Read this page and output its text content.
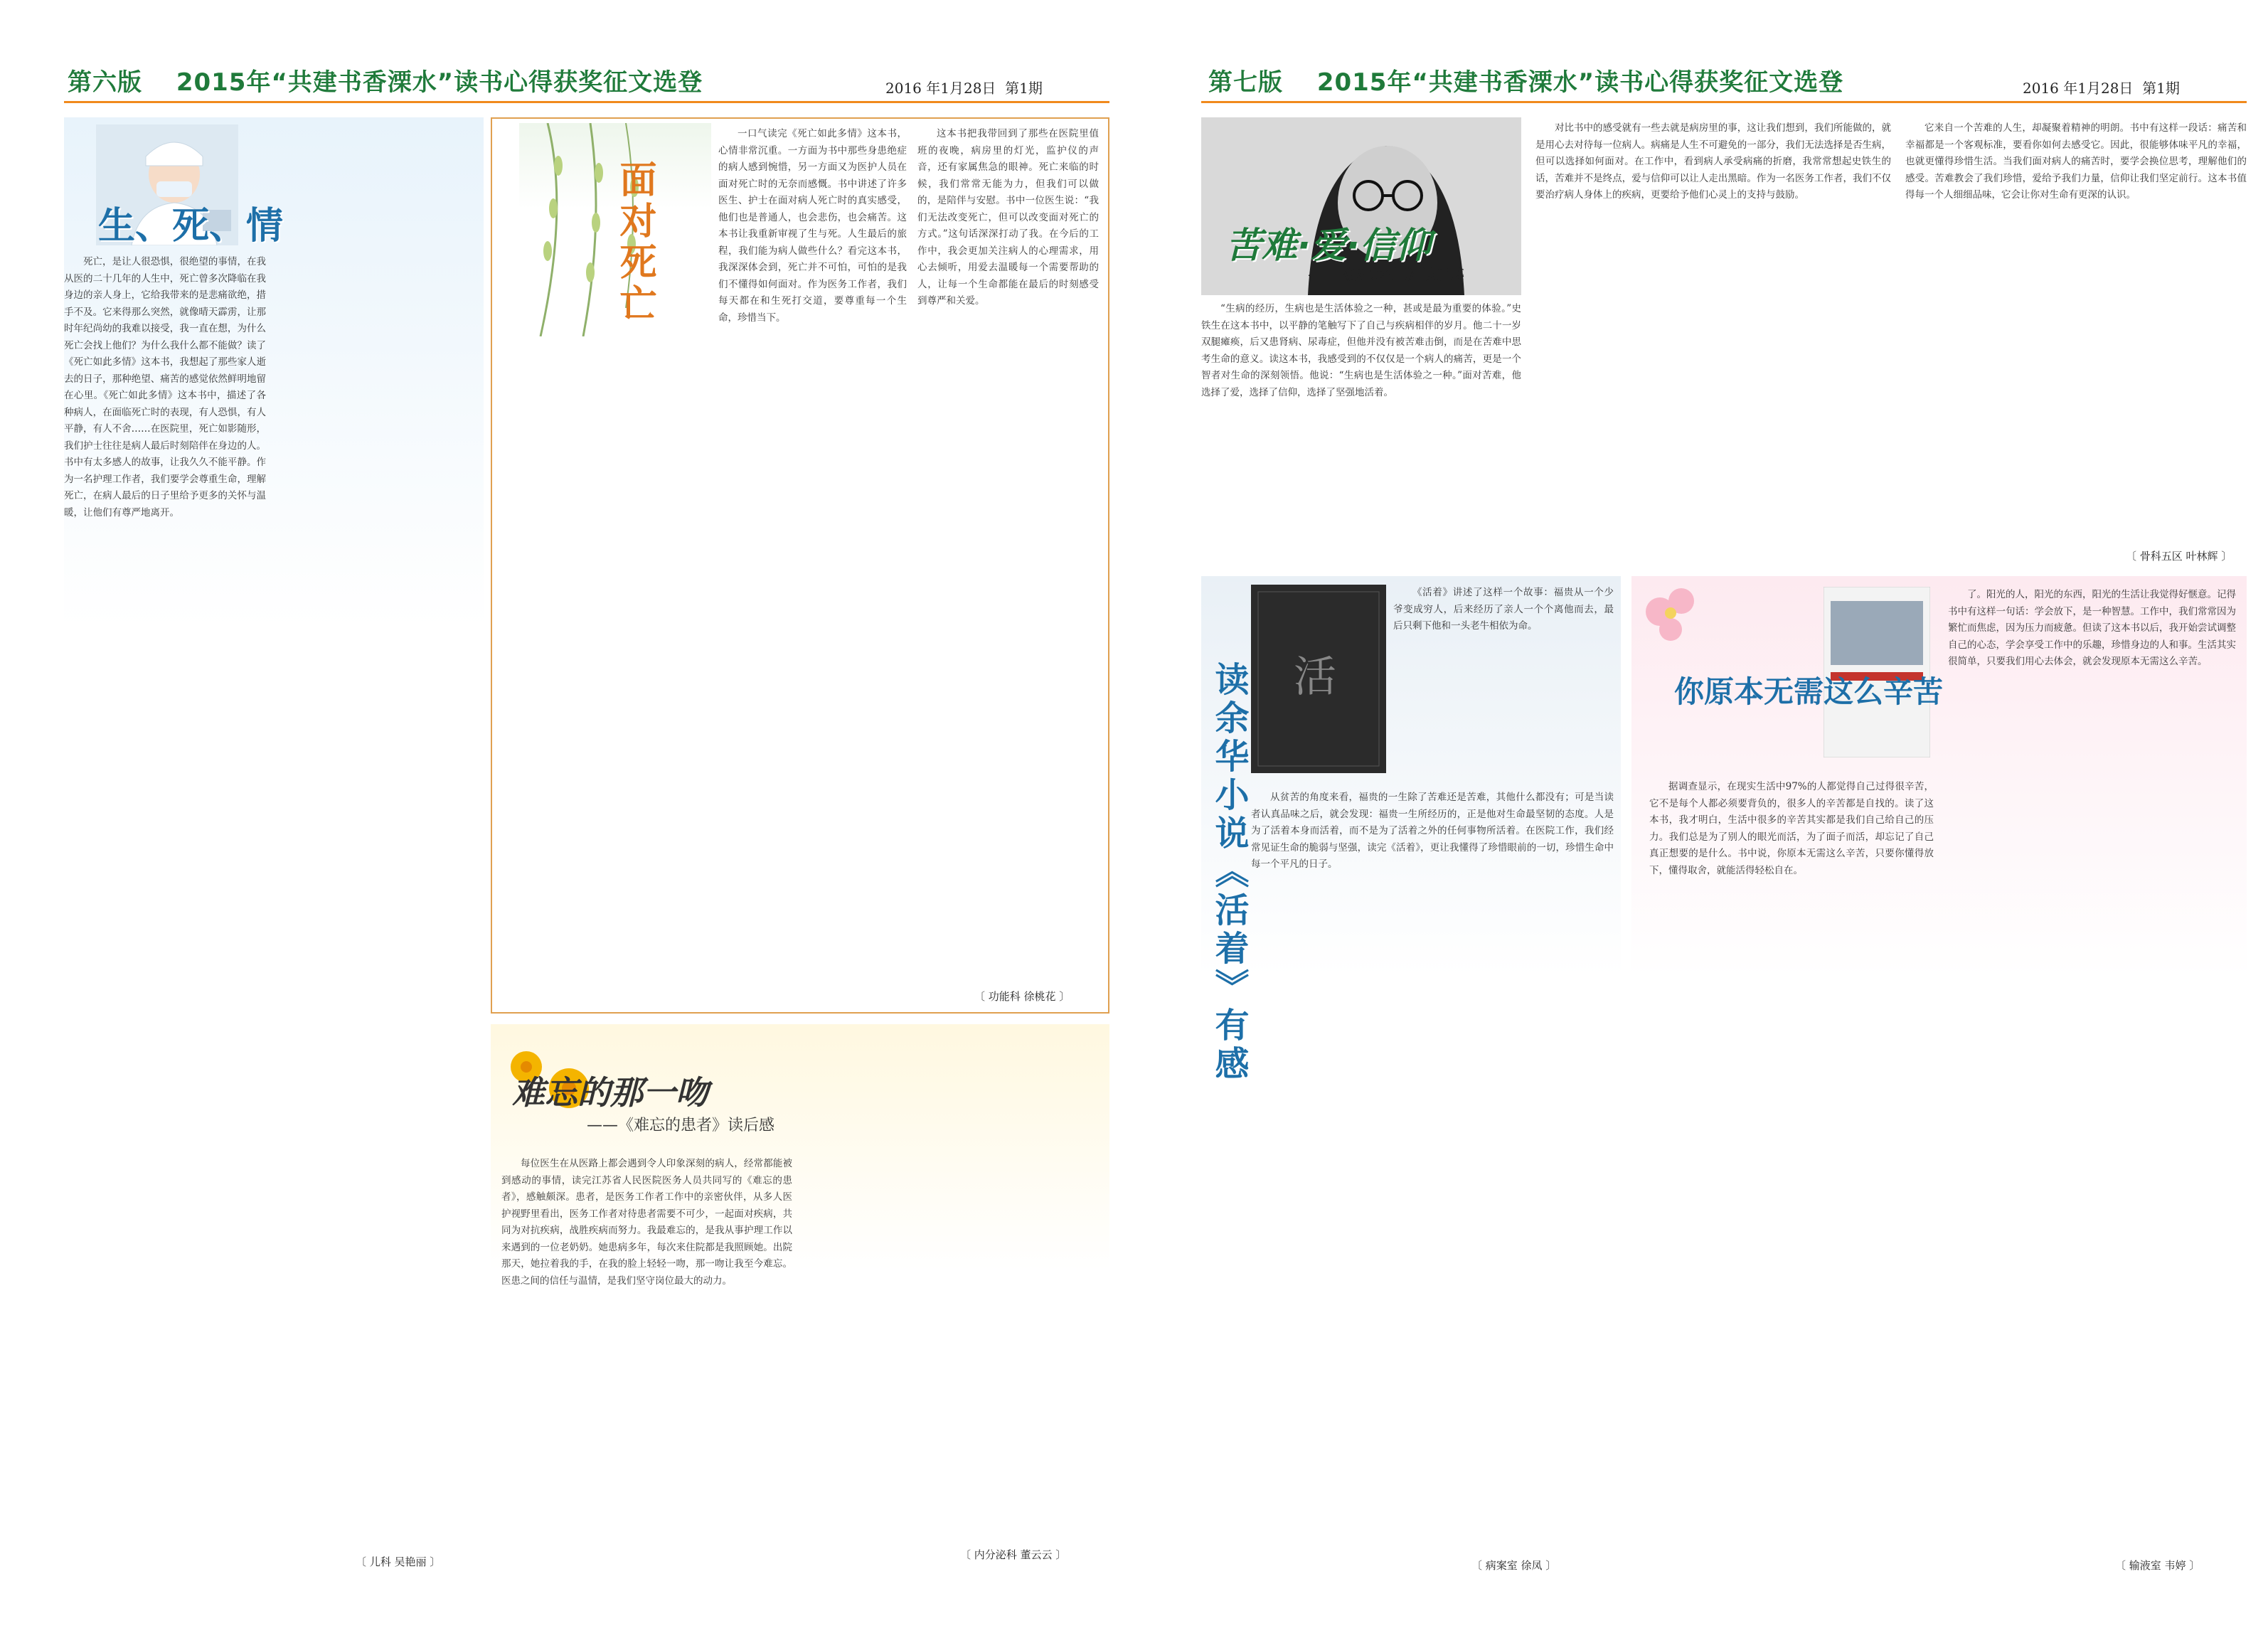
第六版　 2015年“共建书香溧水”读书心得获奖征文选登	2016 年1月28日 第1期
生、死、情
死亡，是让人很恐惧，很绝望的事情，在我从医的二十几年的人生中，死亡曾多次降临在我身边的亲人身上，它给我带来的是悲痛欲绝，措手不及。它来得那么突然，就像晴天霹雳，让那时年纪尚幼的我难以接受，我一直在想，为什么死亡会找上他们？为什么我什么都不能做？读了《死亡如此多情》这本书，我想起了那些家人逝去的日子，那种绝望、痛苦的感觉依然鲜明地留在心里。《死亡如此多情》这本书中，描述了各种病人，在面临死亡时的表现，有人恐惧，有人平静，有人不舍……在医院里，死亡如影随形，我们护士往往是病人最后时刻陪伴在身边的人。书中有太多感人的故事，让我久久不能平静。作为一名护理工作者，我们要学会尊重生命，理解死亡，在病人最后的日子里给予更多的关怀与温暖，让他们有尊严地离开。
〔 儿科 吴艳丽 〕
面对死亡
一口气读完《死亡如此多情》这本书，心情非常沉重。一方面为书中那些身患绝症的病人感到惋惜，另一方面又为医护人员在面对死亡时的无奈而感慨。书中讲述了许多医生、护士在面对病人死亡时的真实感受，他们也是普通人，也会悲伤，也会痛苦。这本书让我重新审视了生与死。人生最后的旅程，我们能为病人做些什么？看完这本书，我深深体会到，死亡并不可怕，可怕的是我们不懂得如何面对。作为医务工作者，我们每天都在和生死打交道，要尊重每一个生命，珍惜当下。
这本书把我带回到了那些在医院里值班的夜晚，病房里的灯光，监护仪的声音，还有家属焦急的眼神。死亡来临的时候，我们常常无能为力，但我们可以做的，是陪伴与安慰。书中一位医生说：“我们无法改变死亡，但可以改变面对死亡的方式。”这句话深深打动了我。在今后的工作中，我会更加关注病人的心理需求，用心去倾听，用爱去温暖每一个需要帮助的人，让每一个生命都能在最后的时刻感受到尊严和关爱。
〔 功能科 徐桃花 〕
难忘的那一吻
——《难忘的患者》读后感
每位医生在从医路上都会遇到令人印象深刻的病人，经常都能被到感动的事情，读完江苏省人民医院医务人员共同写的《难忘的患者》，感触颇深。患者，是医务工作者工作中的亲密伙伴，从多人医护视野里看出，医务工作者对待患者需要不可少，一起面对疾病，共同为对抗疾病，战胜疾病而努力。我最难忘的，是我从事护理工作以来遇到的一位老奶奶。她患病多年，每次来住院都是我照顾她。出院那天，她拉着我的手，在我的脸上轻轻一吻，那一吻让我至今难忘。医患之间的信任与温情，是我们坚守岗位最大的动力。
〔 内分泌科 董云云 〕
第七版　 2015年“共建书香溧水”读书心得获奖征文选登	2016 年1月28日 第1期
苦难·爱·信仰
——《病隙笔记》读后感
“生病的经历，生病也是生活体验之一种，甚或是最为重要的体验。”史铁生在这本书中，以平静的笔触写下了自己与疾病相伴的岁月。他二十一岁双腿瘫痪，后又患肾病、尿毒症，但他并没有被苦难击倒，而是在苦难中思考生命的意义。读这本书，我感受到的不仅仅是一个病人的痛苦，更是一个智者对生命的深刻领悟。他说：“生病也是生活体验之一种。”面对苦难，他选择了爱，选择了信仰，选择了坚强地活着。
对比书中的感受就有一些去就是病房里的事，这让我们想到，我们所能做的，就是用心去对待每一位病人。病痛是人生不可避免的一部分，我们无法选择是否生病，但可以选择如何面对。在工作中，看到病人承受病痛的折磨，我常常想起史铁生的话，苦难并不是终点，爱与信仰可以让人走出黑暗。作为一名医务工作者，我们不仅要治疗病人身体上的疾病，更要给予他们心灵上的支持与鼓励。
它来自一个苦难的人生，却凝聚着精神的明朗。书中有这样一段话：痛苦和幸福都是一个客观标准，要看你如何去感受它。因此，很能够体味平凡的幸福，也就更懂得珍惜生活。当我们面对病人的痛苦时，要学会换位思考，理解他们的感受。苦难教会了我们珍惜，爱给予我们力量，信仰让我们坚定前行。这本书值得每一个人细细品味，它会让你对生命有更深的认识。
〔 骨科五区 叶林辉 〕
读余华小说《活着》有感 活
《活着》讲述了这样一个故事：福贵从一个少爷变成穷人，后来经历了亲人一个个离他而去，最后只剩下他和一头老牛相依为命。
从贫苦的角度来看，福贵的一生除了苦难还是苦难，其他什么都没有；可是当读者认真品味之后，就会发现：福贵一生所经历的，正是他对生命最坚韧的态度。人是为了活着本身而活着，而不是为了活着之外的任何事物所活着。在医院工作，我们经常见证生命的脆弱与坚强，读完《活着》，更让我懂得了珍惜眼前的一切，珍惜生命中每一个平凡的日子。
〔 病案室 徐凤 〕
你原本无需这么辛苦
据调查显示，在现实生活中97%的人都觉得自己过得很辛苦，它不是每个人都必须要背负的，很多人的辛苦都是自找的。读了这本书，我才明白，生活中很多的辛苦其实都是我们自己给自己的压力。我们总是为了别人的眼光而活，为了面子而活，却忘记了自己真正想要的是什么。书中说，你原本无需这么辛苦，只要你懂得放下，懂得取舍，就能活得轻松自在。
了。阳光的人，阳光的东西，阳光的生活让我觉得好惬意。记得书中有这样一句话：学会放下，是一种智慧。工作中，我们常常因为繁忙而焦虑，因为压力而疲惫。但读了这本书以后，我开始尝试调整自己的心态，学会享受工作中的乐趣，珍惜身边的人和事。生活其实很简单，只要我们用心去体会，就会发现原本无需这么辛苦。
〔 输液室 韦婷 〕
